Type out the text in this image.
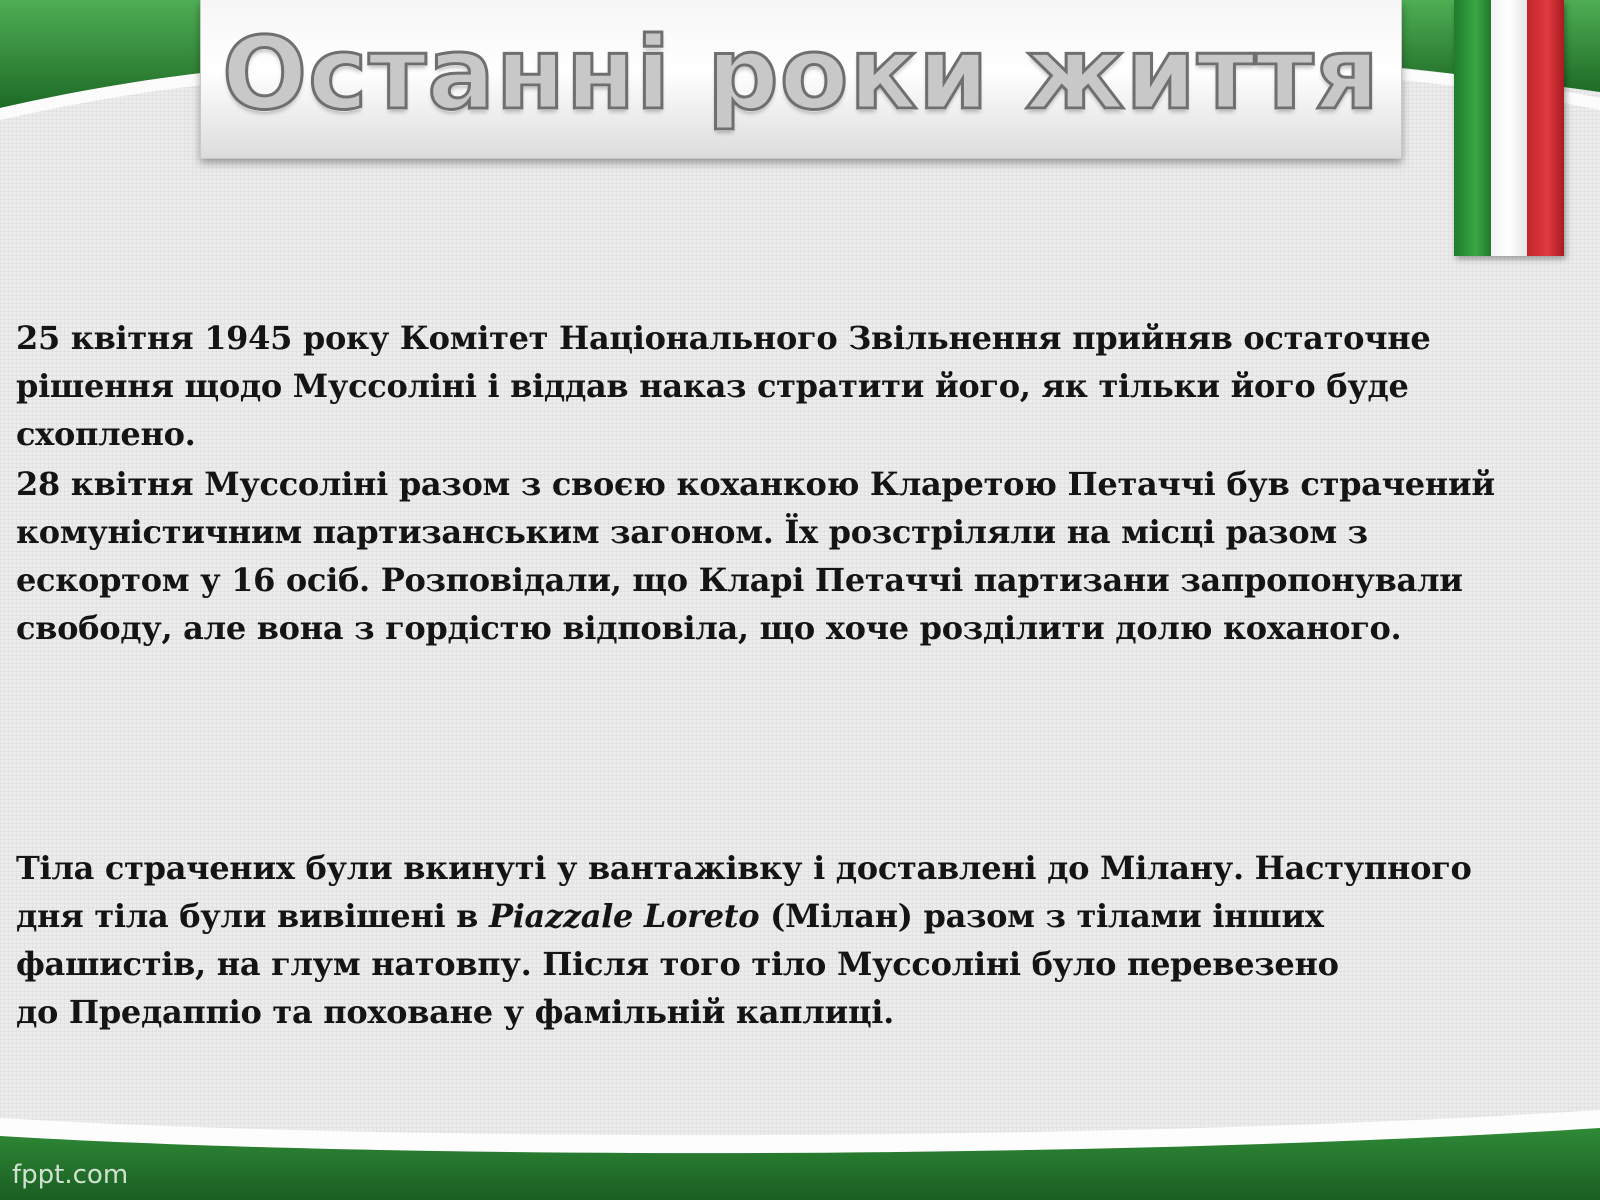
Останні роки життя

25 квітня 1945 року Комітет Національного Звільнення прийняв остаточне
рішення щодо Муссоліні і віддав наказ стратити його, як тільки його буде
схоплено.

28 квітня Муссоліні разом з своєю коханкою Кларетою Петаччі був страчений
комуністичним партизанським загоном. Їх розстріляли на місці разом з
ескортом у 16 осіб. Розповідали, що Кларі Петаччі партизани запропонували
свободу, але вона з гордістю відповіла, що хоче розділити долю коханого.

Тіла страчених були вкинуті у вантажівку і доставлені до Мілану. Наступного
дня тіла були вивішені в Piazzale Loreto (Мілан) разом з тілами інших
фашистів, на глум натовпу. Після того тіло Муссоліні було перевезено
до Предаппіо та поховане у фамільній каплиці.

fppt.com
